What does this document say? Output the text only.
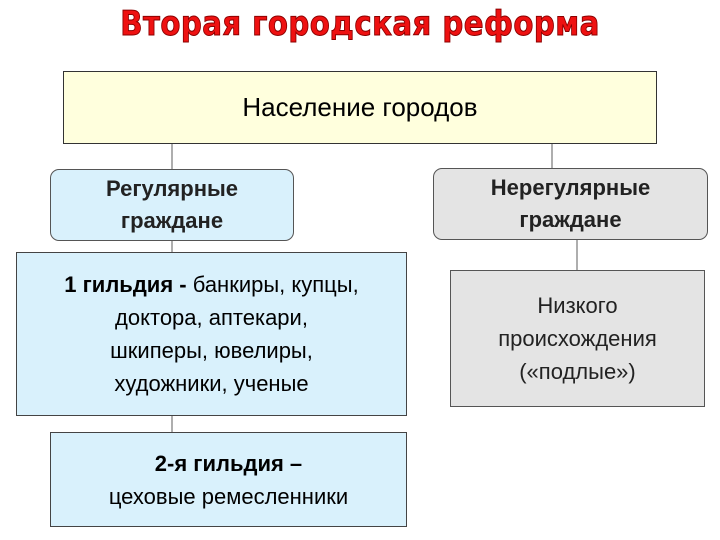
Вторая городская реформа
Население городов
Регулярные
граждане
Нерегулярные
граждане
1 гильдия - банкиры, купцы,
доктора, аптекари,
шкиперы, ювелиры,
художники, ученые
2-я гильдия –
цеховые ремесленники
Низкого
происхождения
(«подлые»)
